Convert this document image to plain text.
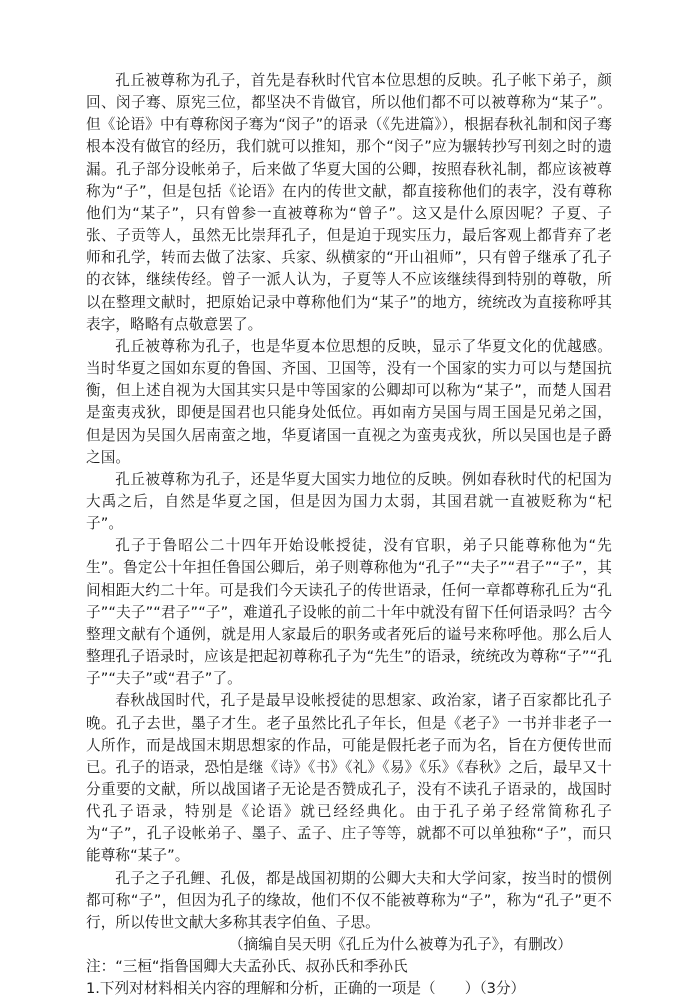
孔丘被尊称为孔子，首先是春秋时代官本位思想的反映。孔子帐下弟子，颜回、闵子骞、原宪三位，都坚决不肯做官，所以他们都不可以被尊称为“某子”。但《论语》中有尊称闵子骞为“闵子”的语录（《先进篇》），根据春秋礼制和闵子骞根本没有做官的经历，我们就可以推知，那个“闵子”应为辗转抄写刊刻之时的遗漏。孔子部分设帐弟子，后来做了华夏大国的公卿，按照春秋礼制，都应该被尊称为“子”，但是包括《论语》在内的传世文献，都直接称他们的表字，没有尊称他们为“某子”，只有曾参一直被尊称为“曾子”。这又是什么原因呢？子夏、子张、子贡等人，虽然无比崇拜孔子，但是迫于现实压力，最后客观上都背弃了老师和孔学，转而去做了法家、兵家、纵横家的“开山祖师”，只有曾子继承了孔子的衣钵，继续传经。曾子一派人认为，子夏等人不应该继续得到特别的尊敬，所以在整理文献时，把原始记录中尊称他们为“某子”的地方，统统改为直接称呼其表字，略略有点敬意罢了。

孔丘被尊称为孔子，也是华夏本位思想的反映，显示了华夏文化的优越感。当时华夏之国如东夏的鲁国、齐国、卫国等，没有一个国家的实力可以与楚国抗衡，但上述自视为大国其实只是中等国家的公卿却可以称为“某子”，而楚人国君是蛮夷戎狄，即便是国君也只能身处低位。再如南方吴国与周王国是兄弟之国，但是因为吴国久居南蛮之地，华夏诸国一直视之为蛮夷戎狄，所以吴国也是子爵之国。

孔丘被尊称为孔子，还是华夏大国实力地位的反映。例如春秋时代的杞国为大禹之后，自然是华夏之国，但是因为国力太弱，其国君就一直被贬称为“杞子”。

孔子于鲁昭公二十四年开始设帐授徒，没有官职，弟子只能尊称他为“先生”。鲁定公十年担任鲁国公卿后，弟子则尊称他为“孔子”“夫子”“君子”“子”，其间相距大约二十年。可是我们今天读孔子的传世语录，任何一章都尊称孔丘为“孔子”“夫子”“君子”“子”，难道孔子设帐的前二十年中就没有留下任何语录吗？古今整理文献有个通例，就是用人家最后的职务或者死后的谥号来称呼他。那么后人整理孔子语录时，应该是把起初尊称孔子为“先生”的语录，统统改为尊称“子”“孔子”“夫子”或“君子”了。

春秋战国时代，孔子是最早设帐授徒的思想家、政治家，诸子百家都比孔子晚。孔子去世，墨子才生。老子虽然比孔子年长，但是《老子》一书并非老子一人所作，而是战国末期思想家的作品，可能是假托老子而为名，旨在方便传世而已。孔子的语录，恐怕是继《诗》《书》《礼》《易》《乐》《春秋》之后，最早又十分重要的文献，所以战国诸子无论是否赞成孔子，没有不读孔子语录的，战国时代孔子语录，特别是《论语》就已经经典化。由于孔子弟子经常简称孔子为“子”，孔子设帐弟子、墨子、孟子、庄子等等，就都不可以单独称“子”，而只能尊称“某子”。

孔子之子孔鲤、孔伋，都是战国初期的公卿大夫和大学问家，按当时的惯例都可称“子”，但因为孔子的缘故，他们不仅不能被尊称为“子”，称为“孔子”更不行，所以传世文献大多称其表字伯鱼、子思。

（摘编自吴天明《孔丘为什么被尊为孔子》，有删改）

注：“三桓“指鲁国卿大夫孟孙氏、叔孙氏和季孙氏

1.下列对材料相关内容的理解和分析，正确的一项是（　　）（3分）
